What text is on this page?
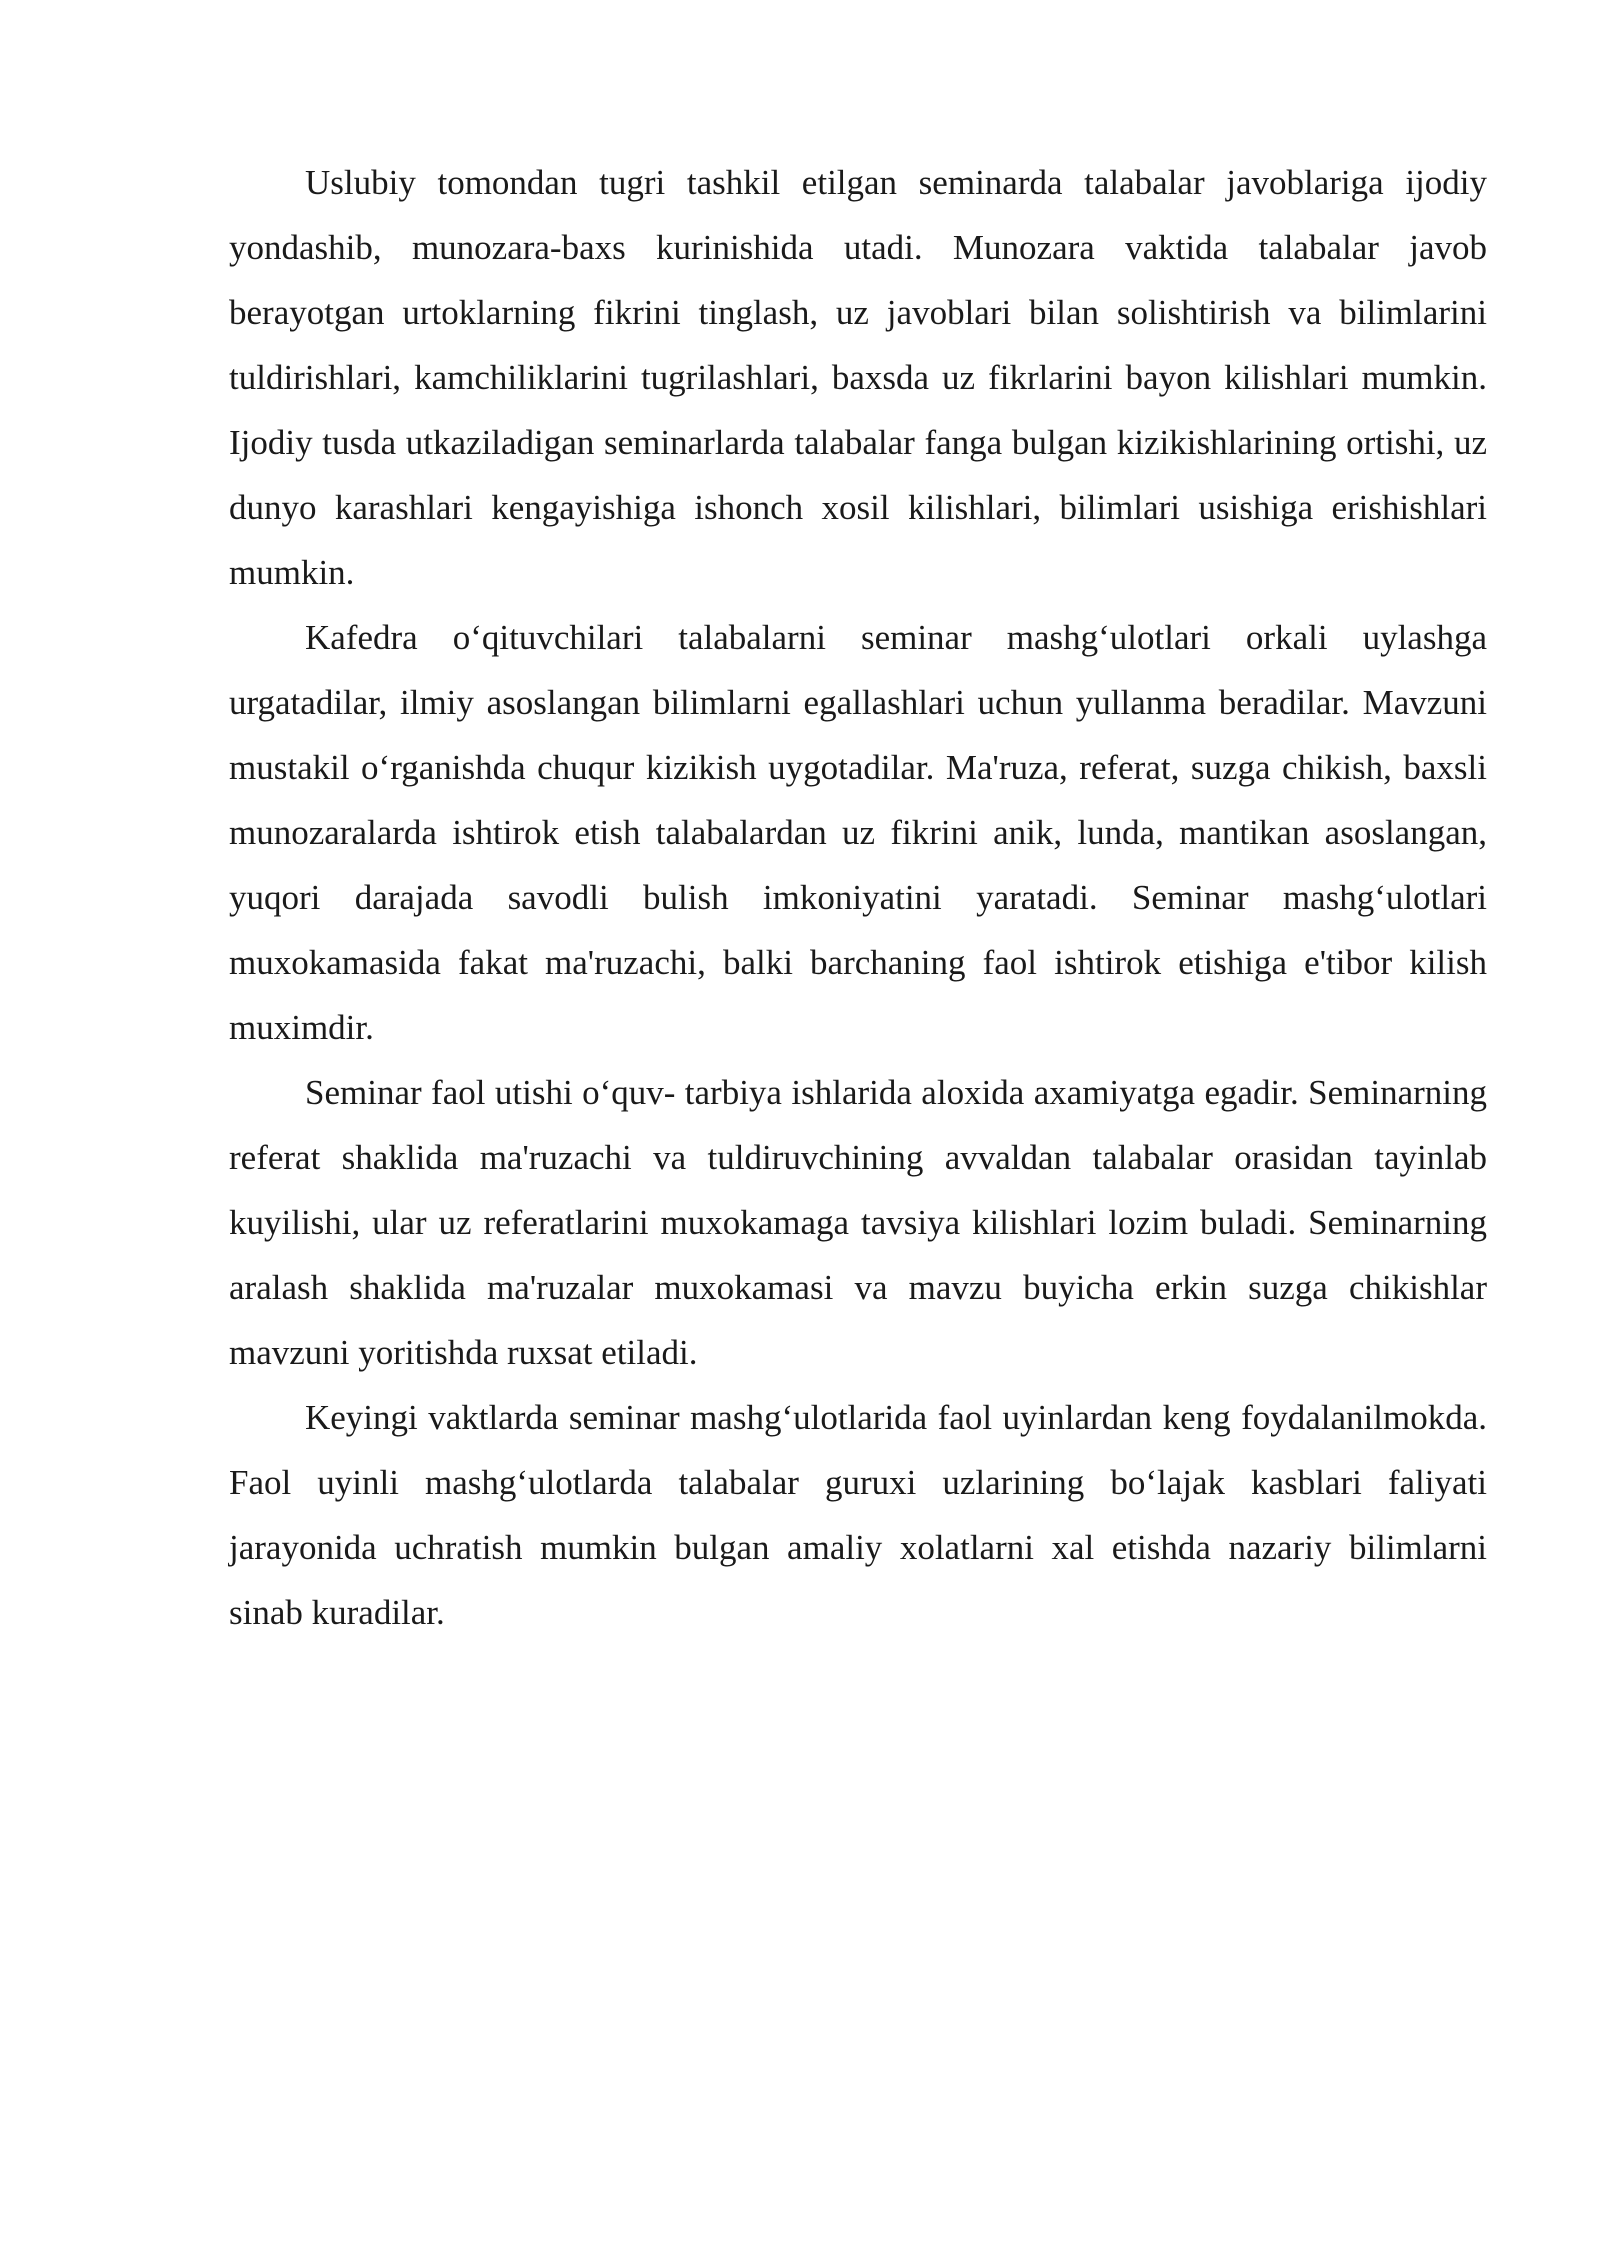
Uslubiy tomondan tugri tashkil etilgan seminarda talabalar javoblariga ijodiy yondashib, munozara-baxs kurinishida utadi. Munozara vaktida talabalar javob berayotgan urtoklarning fikrini tinglash, uz javoblari bilan solishtirish va bilimlarini tuldirishlari, kamchiliklarini tugrilashlari, baxsda uz fikrlarini bayon kilishlari mumkin. Ijodiy tusda utkaziladigan seminarlarda talabalar fanga bulgan kizikishlarining ortishi, uz dunyo karashlari kengayishiga ishonch xosil kilishlari, bilimlari usishiga erishishlari mumkin.

Kafedra o‘qituvchilari talabalarni seminar mashg‘ulotlari orkali uylashga urgatadilar, ilmiy asoslangan bilimlarni egallashlari uchun yullanma beradilar. Mavzuni mustakil o‘rganishda chuqur kizikish uygotadilar. Ma'ruza, referat, suzga chikish, baxsli munozaralarda ishtirok etish talabalardan uz fikrini anik, lunda, mantikan asoslangan, yuqori darajada savodli bulish imkoniyatini yaratadi. Seminar mashg‘ulotlari muxokamasida fakat ma'ruzachi, balki barchaning faol ishtirok etishiga e'tibor kilish muximdir.

Seminar faol utishi o‘quv- tarbiya ishlarida aloxida axamiyatga egadir. Seminarning referat shaklida ma'ruzachi va tuldiruvchining avvaldan talabalar orasidan tayinlab kuyilishi, ular uz referatlarini muxokamaga tavsiya kilishlari lozim buladi. Seminarning aralash shaklida ma'ruzalar muxokamasi va mavzu buyicha erkin suzga chikishlar mavzuni yoritishda ruxsat etiladi.

Keyingi vaktlarda seminar mashg‘ulotlarida faol uyinlardan keng foydalanilmokda. Faol uyinli mashg‘ulotlarda talabalar guruxi uzlarining bo‘lajak kasblari faliyati jarayonida uchratish mumkin bulgan amaliy xolatlarni xal etishda nazariy bilimlarni sinab kuradilar.
